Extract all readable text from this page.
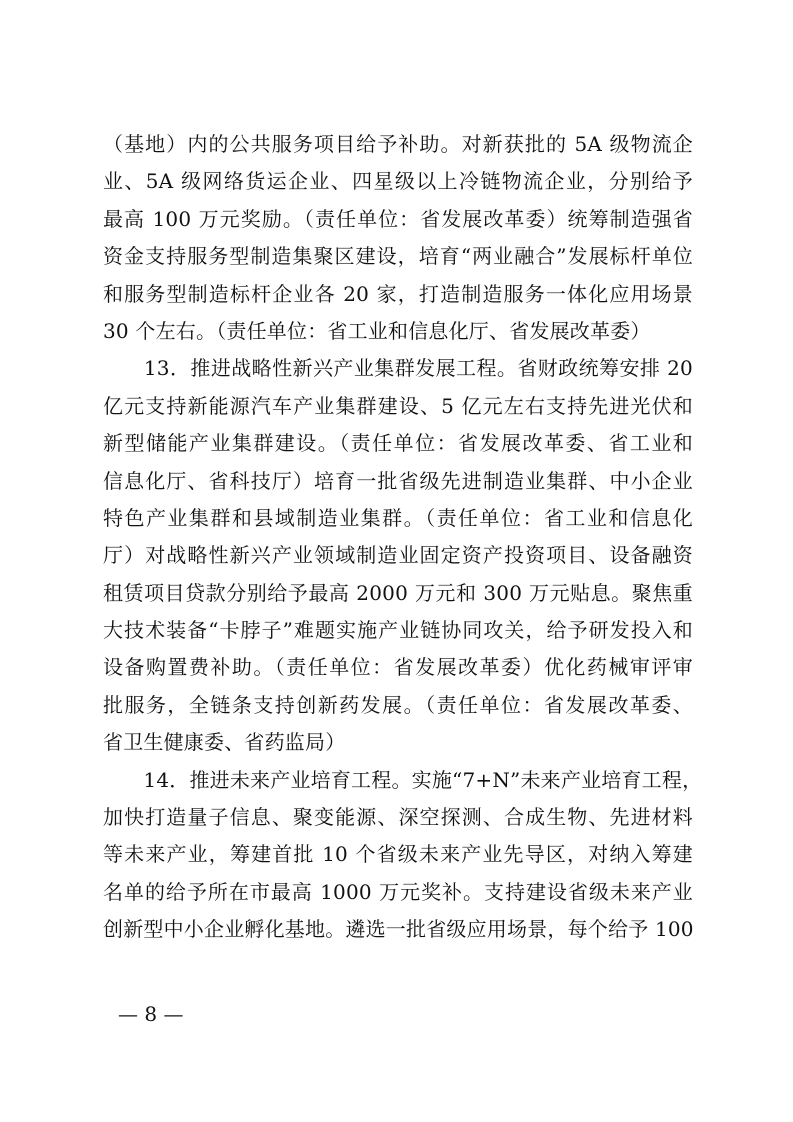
（基地）内的公共服务项目给予补助。对新获批的 5A 级物流企
业、5A 级网络货运企业、四星级以上冷链物流企业，分别给予
最高 100 万元奖励。（责任单位：省发展改革委）统筹制造强省
资金支持服务型制造集聚区建设，培育“两业融合”发展标杆单位
和服务型制造标杆企业各 20 家，打造制造服务一体化应用场景
30 个左右。（责任单位：省工业和信息化厅、省发展改革委）
　　13．推进战略性新兴产业集群发展工程。省财政统筹安排 20
亿元支持新能源汽车产业集群建设、5 亿元左右支持先进光伏和
新型储能产业集群建设。（责任单位：省发展改革委、省工业和
信息化厅、省科技厅）培育一批省级先进制造业集群、中小企业
特色产业集群和县域制造业集群。（责任单位：省工业和信息化
厅）对战略性新兴产业领域制造业固定资产投资项目、设备融资
租赁项目贷款分别给予最高 2000 万元和 300 万元贴息。聚焦重
大技术装备“卡脖子”难题实施产业链协同攻关，给予研发投入和
设备购置费补助。（责任单位：省发展改革委）优化药械审评审
批服务，全链条支持创新药发展。（责任单位：省发展改革委、
省卫生健康委、省药监局）
　　14．推进未来产业培育工程。实施“7+N”未来产业培育工程，
加快打造量子信息、聚变能源、深空探测、合成生物、先进材料
等未来产业，筹建首批 10 个省级未来产业先导区，对纳入筹建
名单的给予所在市最高 1000 万元奖补。支持建设省级未来产业
创新型中小企业孵化基地。遴选一批省级应用场景，每个给予 100
— 8 —
